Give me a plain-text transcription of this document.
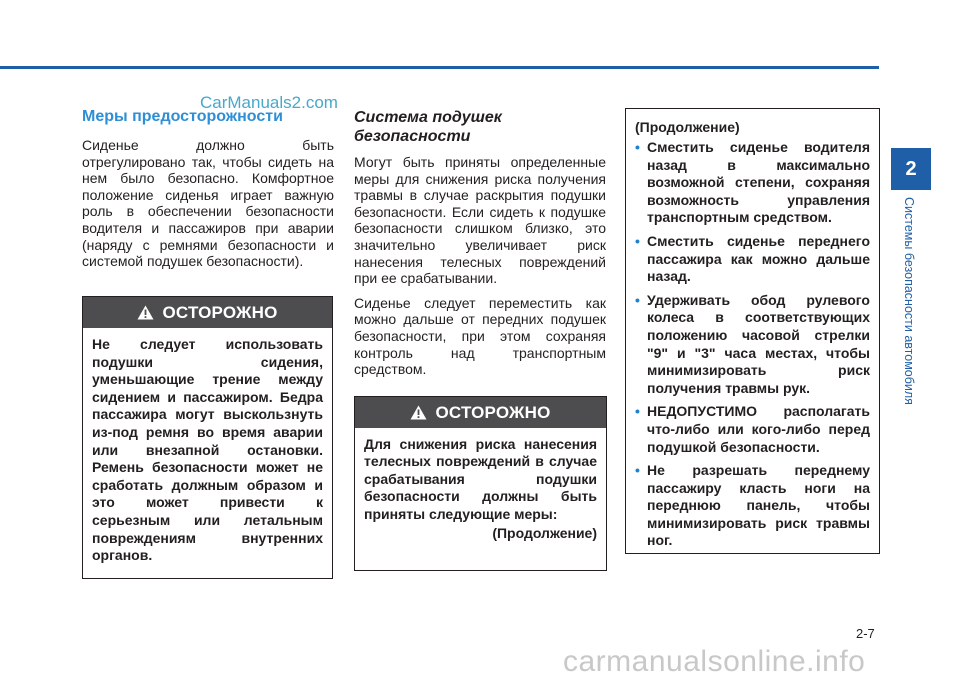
CarManuals2.com
Меры предосторожности

Сиденье должно быть отрегулировано так, чтобы сидеть на нем было безопасно. Комфортное положение сиденья играет важную роль в обеспечении безопасности водителя и пассажиров при аварии (наряду с ремнями безопасности и системой подушек безопасности).

ОСТОРОЖНО
Не следует использовать подушки сидения, уменьшающие трение между сидением и пассажиром. Бедра пассажира могут выскользнуть из-под ремня во время аварии или внезапной остановки. Ремень безопасности может не сработать должным образом и это может привести к серьезным или летальным повреждениям внутренних органов.
Система подушек безопасности

Могут быть приняты определенные меры для снижения риска получения травмы в случае раскрытия подушки безопасности. Если сидеть к подушке безопасности слишком близко, это значительно увеличивает риск нанесения телесных повреждений при ее срабатывании.

Сиденье следует переместить как можно дальше от передних подушек безопасности, при этом сохраняя контроль над транспортным средством.

ОСТОРОЖНО
Для снижения риска нанесения телесных повреждений в случае срабатывания подушки безопасности должны быть приняты следующие меры:
(Продолжение)
(Продолжение)
• Сместить сиденье водителя назад в максимально возможной степени, сохраняя возможность управления транспортным средством.
• Сместить сиденье переднего пассажира как можно дальше назад.
• Удерживать обод рулевого колеса в соответствующих положению часовой стрелки "9" и "3" часа местах, чтобы минимизировать риск получения травмы рук.
• НЕДОПУСТИМО располагать что-либо или кого-либо перед подушкой безопасности.
• Не разрешать переднему пассажиру класть ноги на переднюю панель, чтобы минимизировать риск травмы ног.
2
Системы безопасности автомобиля
2-7
carmanualsonline.info
